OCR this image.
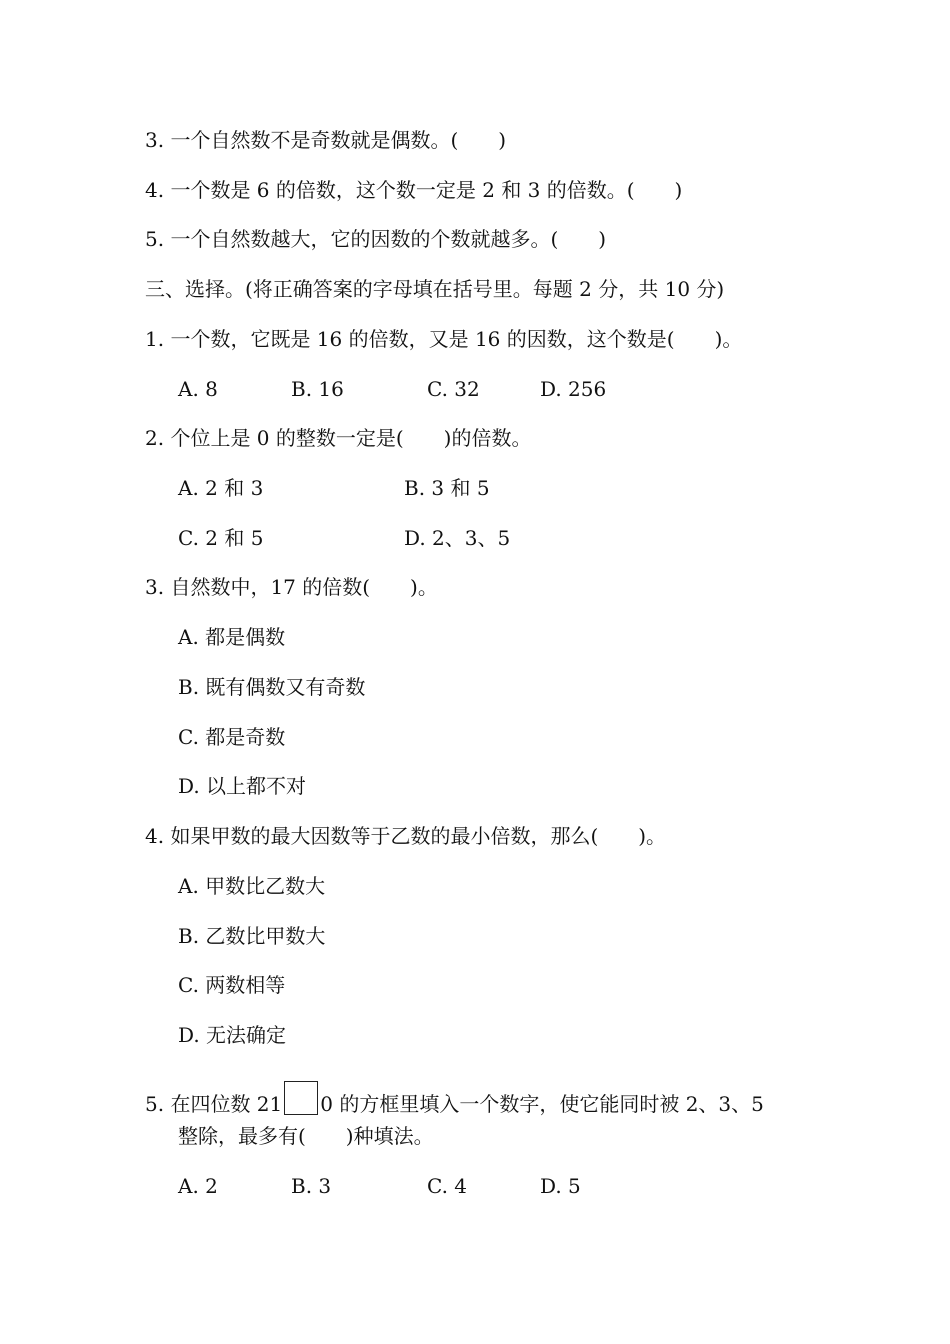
3. 一个自然数不是奇数就是偶数。(　　)
4. 一个数是 6 的倍数，这个数一定是 2 和 3 的倍数。(　　)
5. 一个自然数越大，它的因数的个数就越多。(　　)
三、选择。(将正确答案的字母填在括号里。每题 2 分，共 10 分)
1. 一个数，它既是 16 的倍数，又是 16 的因数，这个数是(　　)。
A. 8	B. 16	C. 32	D. 256
2. 个位上是 0 的整数一定是(　　)的倍数。
A. 2 和 3	B. 3 和 5
C. 2 和 5	D. 2、3、5
3. 自然数中，17 的倍数(　　)。
A. 都是偶数
B. 既有偶数又有奇数
C. 都是奇数
D. 以上都不对
4. 如果甲数的最大因数等于乙数的最小倍数，那么(　　)。
A. 甲数比乙数大
B. 乙数比甲数大
C. 两数相等
D. 无法确定
5. 在四位数 21 0 的方框里填入一个数字，使它能同时被 2、3、5
整除，最多有(　　)种填法。
A. 2	B. 3	C. 4	D. 5
